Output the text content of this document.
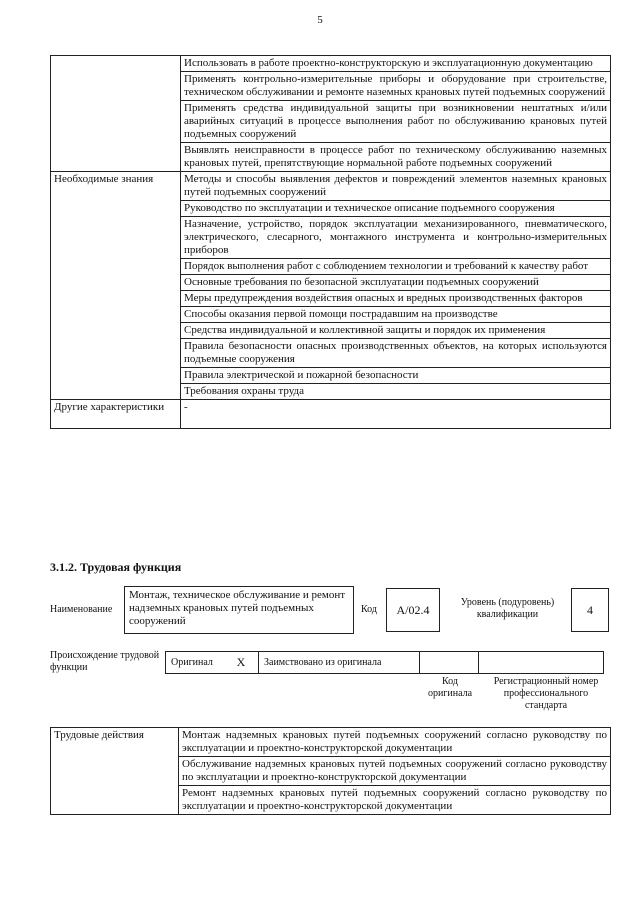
5
	Использовать в работе проектно-конструкторскую и эксплуатационную документацию
	Применять контрольно-измерительные приборы и оборудование при строительстве, техническом обслуживании и ремонте наземных крановых путей подъемных сооружений
	Применять средства индивидуальной защиты при возникновении нештатных и/или аварийных ситуаций в процессе выполнения работ по обслуживанию крановых путей подъемных сооружений
	Выявлять неисправности в процессе работ по техническому обслуживанию наземных крановых путей, препятствующие нормальной работе подъемных сооружений
Необходимые знания	Методы и способы выявления дефектов и повреждений элементов наземных крановых путей подъемных сооружений
	Руководство по эксплуатации и техническое описание подъемного сооружения
	Назначение, устройство, порядок эксплуатации механизированного, пневматического, электрического, слесарного, монтажного инструмента и контрольно-измерительных приборов
	Порядок выполнения работ с соблюдением технологии и требований к качеству работ
	Основные требования по безопасной эксплуатации подъемных сооружений
	Меры предупреждения воздействия опасных и вредных производственных факторов
	Способы оказания первой помощи пострадавшим на производстве
	Средства индивидуальной и коллективной защиты и порядок их применения
	Правила безопасности опасных производственных объектов, на которых используются подъемные сооружения
	Правила электрической и пожарной безопасности
	Требования охраны труда
Другие характеристики	-
3.1.2. Трудовая функция
Наименование
Монтаж, техническое обслуживание и ремонт надземных крановых путей подъемных сооружений
Код	А/02.4	Уровень (подуровень) квалификации	4
Происхождение трудовой функции	Оригинал	X	Заимствовано из оригинала		
Код оригинала
Регистрационный номер профессионального стандарта
Трудовые действия	Монтаж надземных крановых путей подъемных сооружений согласно руководству по эксплуатации и проектно-конструкторской документации
Обслуживание надземных крановых путей подъемных сооружений согласно руководству по эксплуатации и проектно-конструкторской документации
Ремонт надземных крановых путей подъемных сооружений согласно руководству по эксплуатации и проектно-конструкторской документации
